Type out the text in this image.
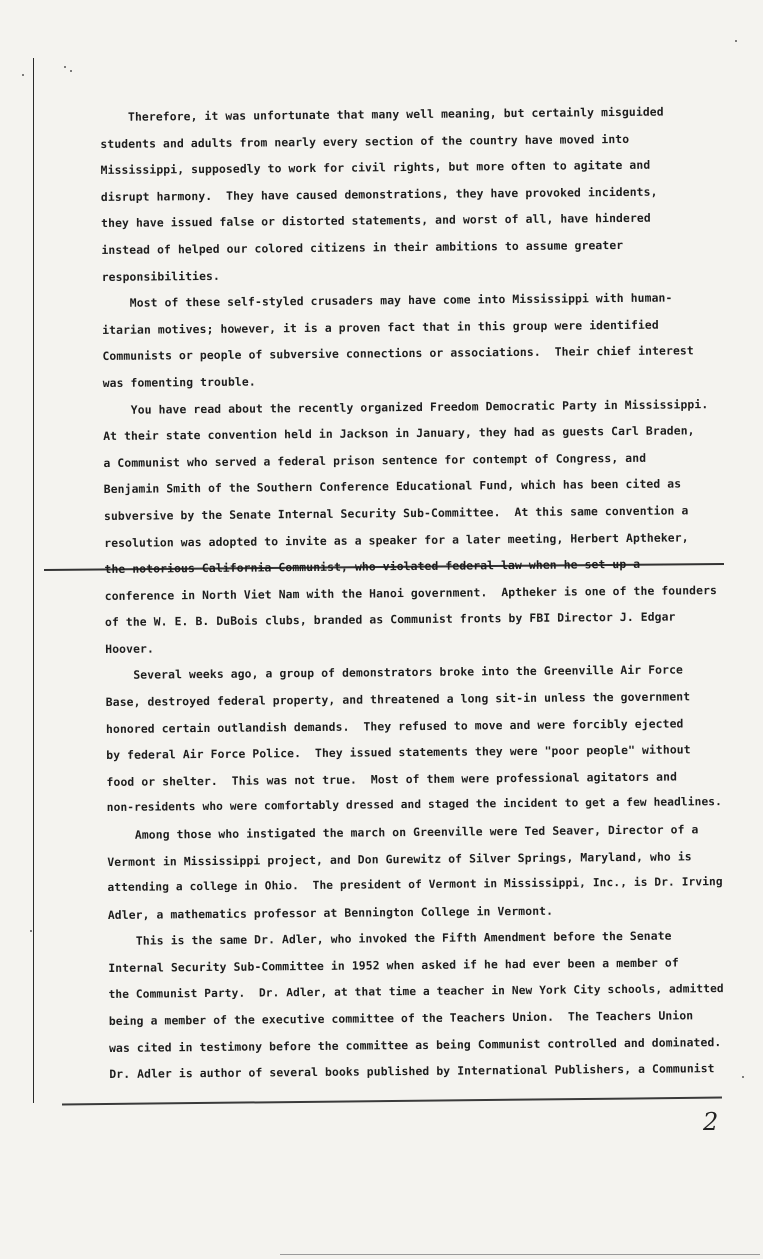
Therefore, it was unfortunate that many well meaning, but certainly misguided
students and adults from nearly every section of the country have moved into
Mississippi, supposedly to work for civil rights, but more often to agitate and
disrupt harmony.  They have caused demonstrations, they have provoked incidents,
they have issued false or distorted statements, and worst of all, have hindered
instead of helped our colored citizens in their ambitions to assume greater
responsibilities.
Most of these self-styled crusaders may have come into Mississippi with human-
itarian motives; however, it is a proven fact that in this group were identified
Communists or people of subversive connections or associations.  Their chief interest
was fomenting trouble.
You have read about the recently organized Freedom Democratic Party in Mississippi.
At their state convention held in Jackson in January, they had as guests Carl Braden,
a Communist who served a federal prison sentence for contempt of Congress, and
Benjamin Smith of the Southern Conference Educational Fund, which has been cited as
subversive by the Senate Internal Security Sub-Committee.  At this same convention a
resolution was adopted to invite as a speaker for a later meeting, Herbert Aptheker,
the notorious California Communist, who violated federal law when he set up a
conference in North Viet Nam with the Hanoi government.  Aptheker is one of the founders
of the W. E. B. DuBois clubs, branded as Communist fronts by FBI Director J. Edgar
Hoover.
Several weeks ago, a group of demonstrators broke into the Greenville Air Force
Base, destroyed federal property, and threatened a long sit-in unless the government
honored certain outlandish demands.  They refused to move and were forcibly ejected
by federal Air Force Police.  They issued statements they were "poor people" without
food or shelter.  This was not true.  Most of them were professional agitators and
non-residents who were comfortably dressed and staged the incident to get a few headlines.
Among those who instigated the march on Greenville were Ted Seaver, Director of a
Vermont in Mississippi project, and Don Gurewitz of Silver Springs, Maryland, who is
attending a college in Ohio.  The president of Vermont in Mississippi, Inc., is Dr. Irving
Adler, a mathematics professor at Bennington College in Vermont.
This is the same Dr. Adler, who invoked the Fifth Amendment before the Senate
Internal Security Sub-Committee in 1952 when asked if he had ever been a member of
the Communist Party.  Dr. Adler, at that time a teacher in New York City schools, admitted
being a member of the executive committee of the Teachers Union.  The Teachers Union
was cited in testimony before the committee as being Communist controlled and dominated.
Dr. Adler is author of several books published by International Publishers, a Communist
2
